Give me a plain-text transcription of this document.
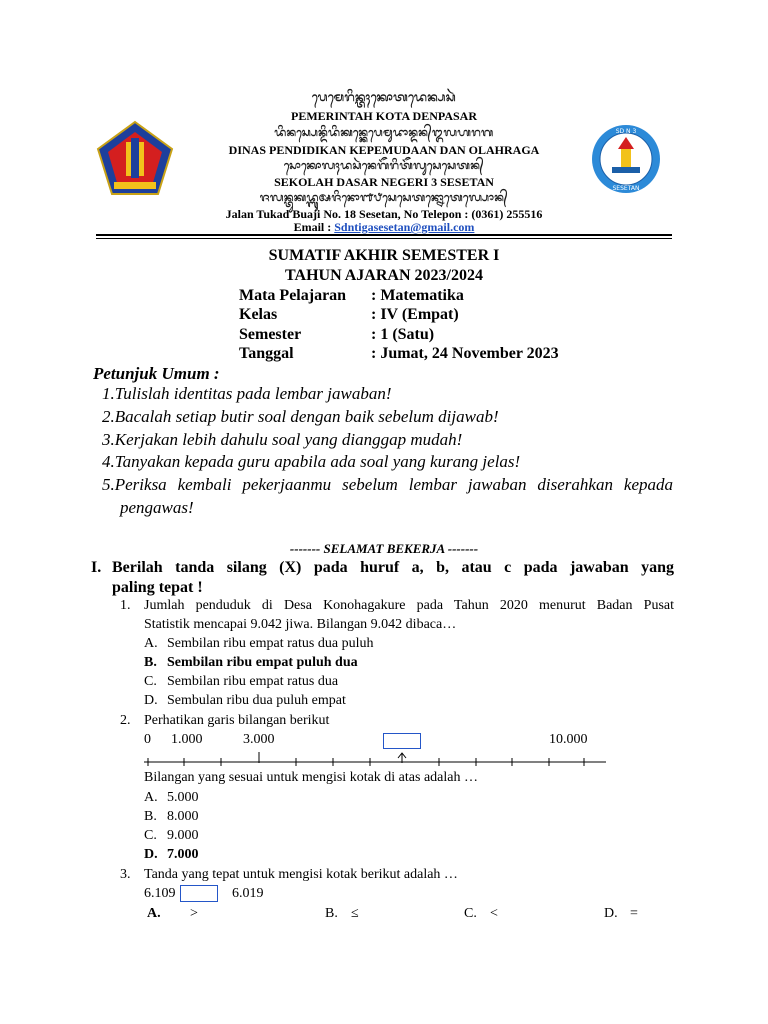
SD N 3
SESETAN
ᬧᬾᬫᬾᬭᬶᬦ᭄ᬢᬄᬓᭀᬢᬤᬾᬦ᭄ᬧᬲᬃ
PEMERINTAH KOTA DENPASAR
ᬤᬶᬦᬲ᭄ᬧᬾᬦ᭄ᬤᬶᬤᬶᬓᬦ᭄ᬓᬾᬧᬾᬫᬸᬤᬵᬦ᭄ᬤᬦ᭄ᬑᬮᬳᬭᬕ
DINAS PENDIDIKAN KEPEMUDAAN DAN OLAHRAGA
ᬲᭀᬓᭀᬮᬄᬤᬲᬃᬦᬾᬕᭂᬭᬶᬢᭂᬮᬸᬲᬾᬲᬾᬢᬦ᭄
SEKOLAH DASAR NEGERI 3 SESETAN
ᬚᬮᬦ᭄ᬢᬸᬓᬤ᭄ᬩᬸᬅᬚᬶᬦᭀ᭑᭘ᬲᬾᬲᬾᬢᬦ᭄ᬦᭀᬢᬾᬮ᭄ᬧᭀᬦ᭄
Jalan Tukad Buaji No. 18 Sesetan, No Telepon : (0361) 255516
Email : Sdntigasesetan@gmail.com
SUMATIF AKHIR SEMESTER I
TAHUN AJARAN 2023/2024
Mata Pelajaran : Matematika
Kelas	: IV (Empat)
Semester	: 1 (Satu)
Tanggal	: Jumat, 24 November 2023
Petunjuk Umum :
1.Tulislah identitas pada lembar jawaban!
2.Bacalah setiap butir soal dengan baik sebelum dijawab!
3.Kerjakan lebih dahulu soal yang dianggap mudah!
4.Tanyakan kepada guru apabila ada soal yang kurang jelas!
5.Periksa kembali pekerjaanmu sebelum lembar jawaban diserahkan kepada
pengawas!
------- SELAMAT BEKERJA -------
I. Berilah tanda silang (X) pada huruf a, b, atau c pada jawaban yang
paling tepat !
1. Jumlah penduduk di Desa Konohagakure pada Tahun 2020 menurut Badan Pusat
Statistik mencapai 9.042 jiwa. Bilangan 9.042 dibaca…
A. Sembilan ribu empat ratus dua puluh
B. Sembilan ribu empat puluh dua
C. Sembilan ribu empat ratus dua
D. Sembulan ribu dua puluh empat
2. Perhatikan garis bilangan berikut
0 1.000	3.000	10.000
Bilangan yang sesuai untuk mengisi kotak di atas adalah …
A. 5.000
B. 8.000
C. 9.000
D. 7.000
3. Tanda yang tepat untuk mengisi kotak berikut adalah …
6.109	6.019
A. >	B. ≤	C. <	D. =
